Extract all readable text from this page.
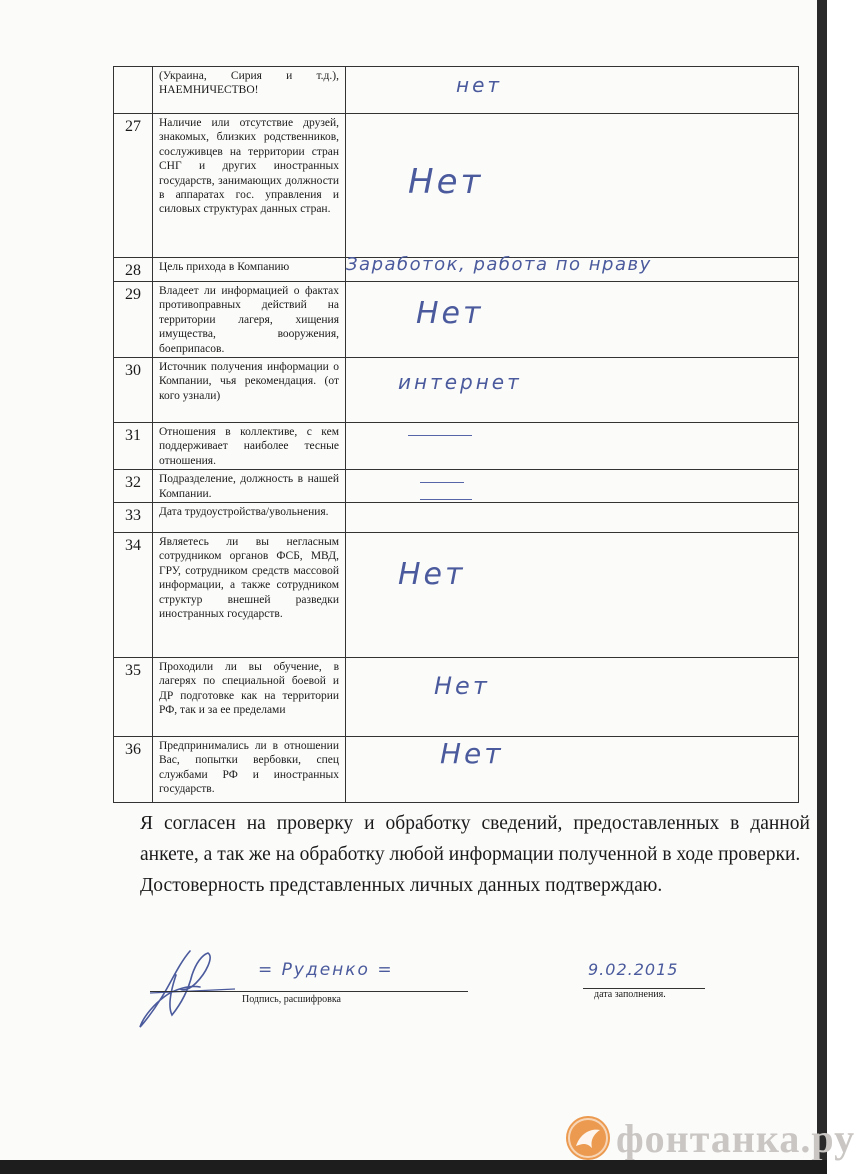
	(Украина, Сирия и т.д.), НАЕМНИЧЕСТВО!	нет

27	Наличие или отсутствие друзей, знакомых, близких родственников, сослуживцев на территории стран СНГ и других иностранных государств, занимающих должности в аппаратах гос. управления и силовых структурах данных стран.	Нет

28	Цель прихода в Компанию	Заработок, работа по нраву

29	Владеет ли информацией о фактах противоправных действий на территории лагеря, хищения имущества, вооружения, боеприпасов.	Нет

30	Источник получения информации о Компании, чья рекомендация. (от кого узнали)	интернет

31	Отношения в коллективе, с кем поддерживает наиболее тесные отношения.	

32	Подразделение, должность в нашей Компании.	

33	Дата трудоустройства/увольнения.	

34	Являетесь ли вы негласным сотрудником органов ФСБ, МВД, ГРУ, сотрудником средств массовой информации, а также сотрудником структур внешней разведки иностранных государств.	Нет

35	Проходили ли вы обучение, в лагерях по специальной боевой и ДР подготовке как на территории РФ, так и за ее пределами	Нет

36	Предпринимались ли в отношении Вас, попытки вербовки, спец службами РФ и иностранных государств.	Нет

Я согласен на проверку и обработку сведений, предоставленных в данной анкете, а так же на обработку любой информации полученной в ходе проверки.

Достоверность представленных личных данных подтверждаю.

= Руденко =
Подпись, расшифровка
9.02.2015
дата заполнения.
фонтанка.ру
